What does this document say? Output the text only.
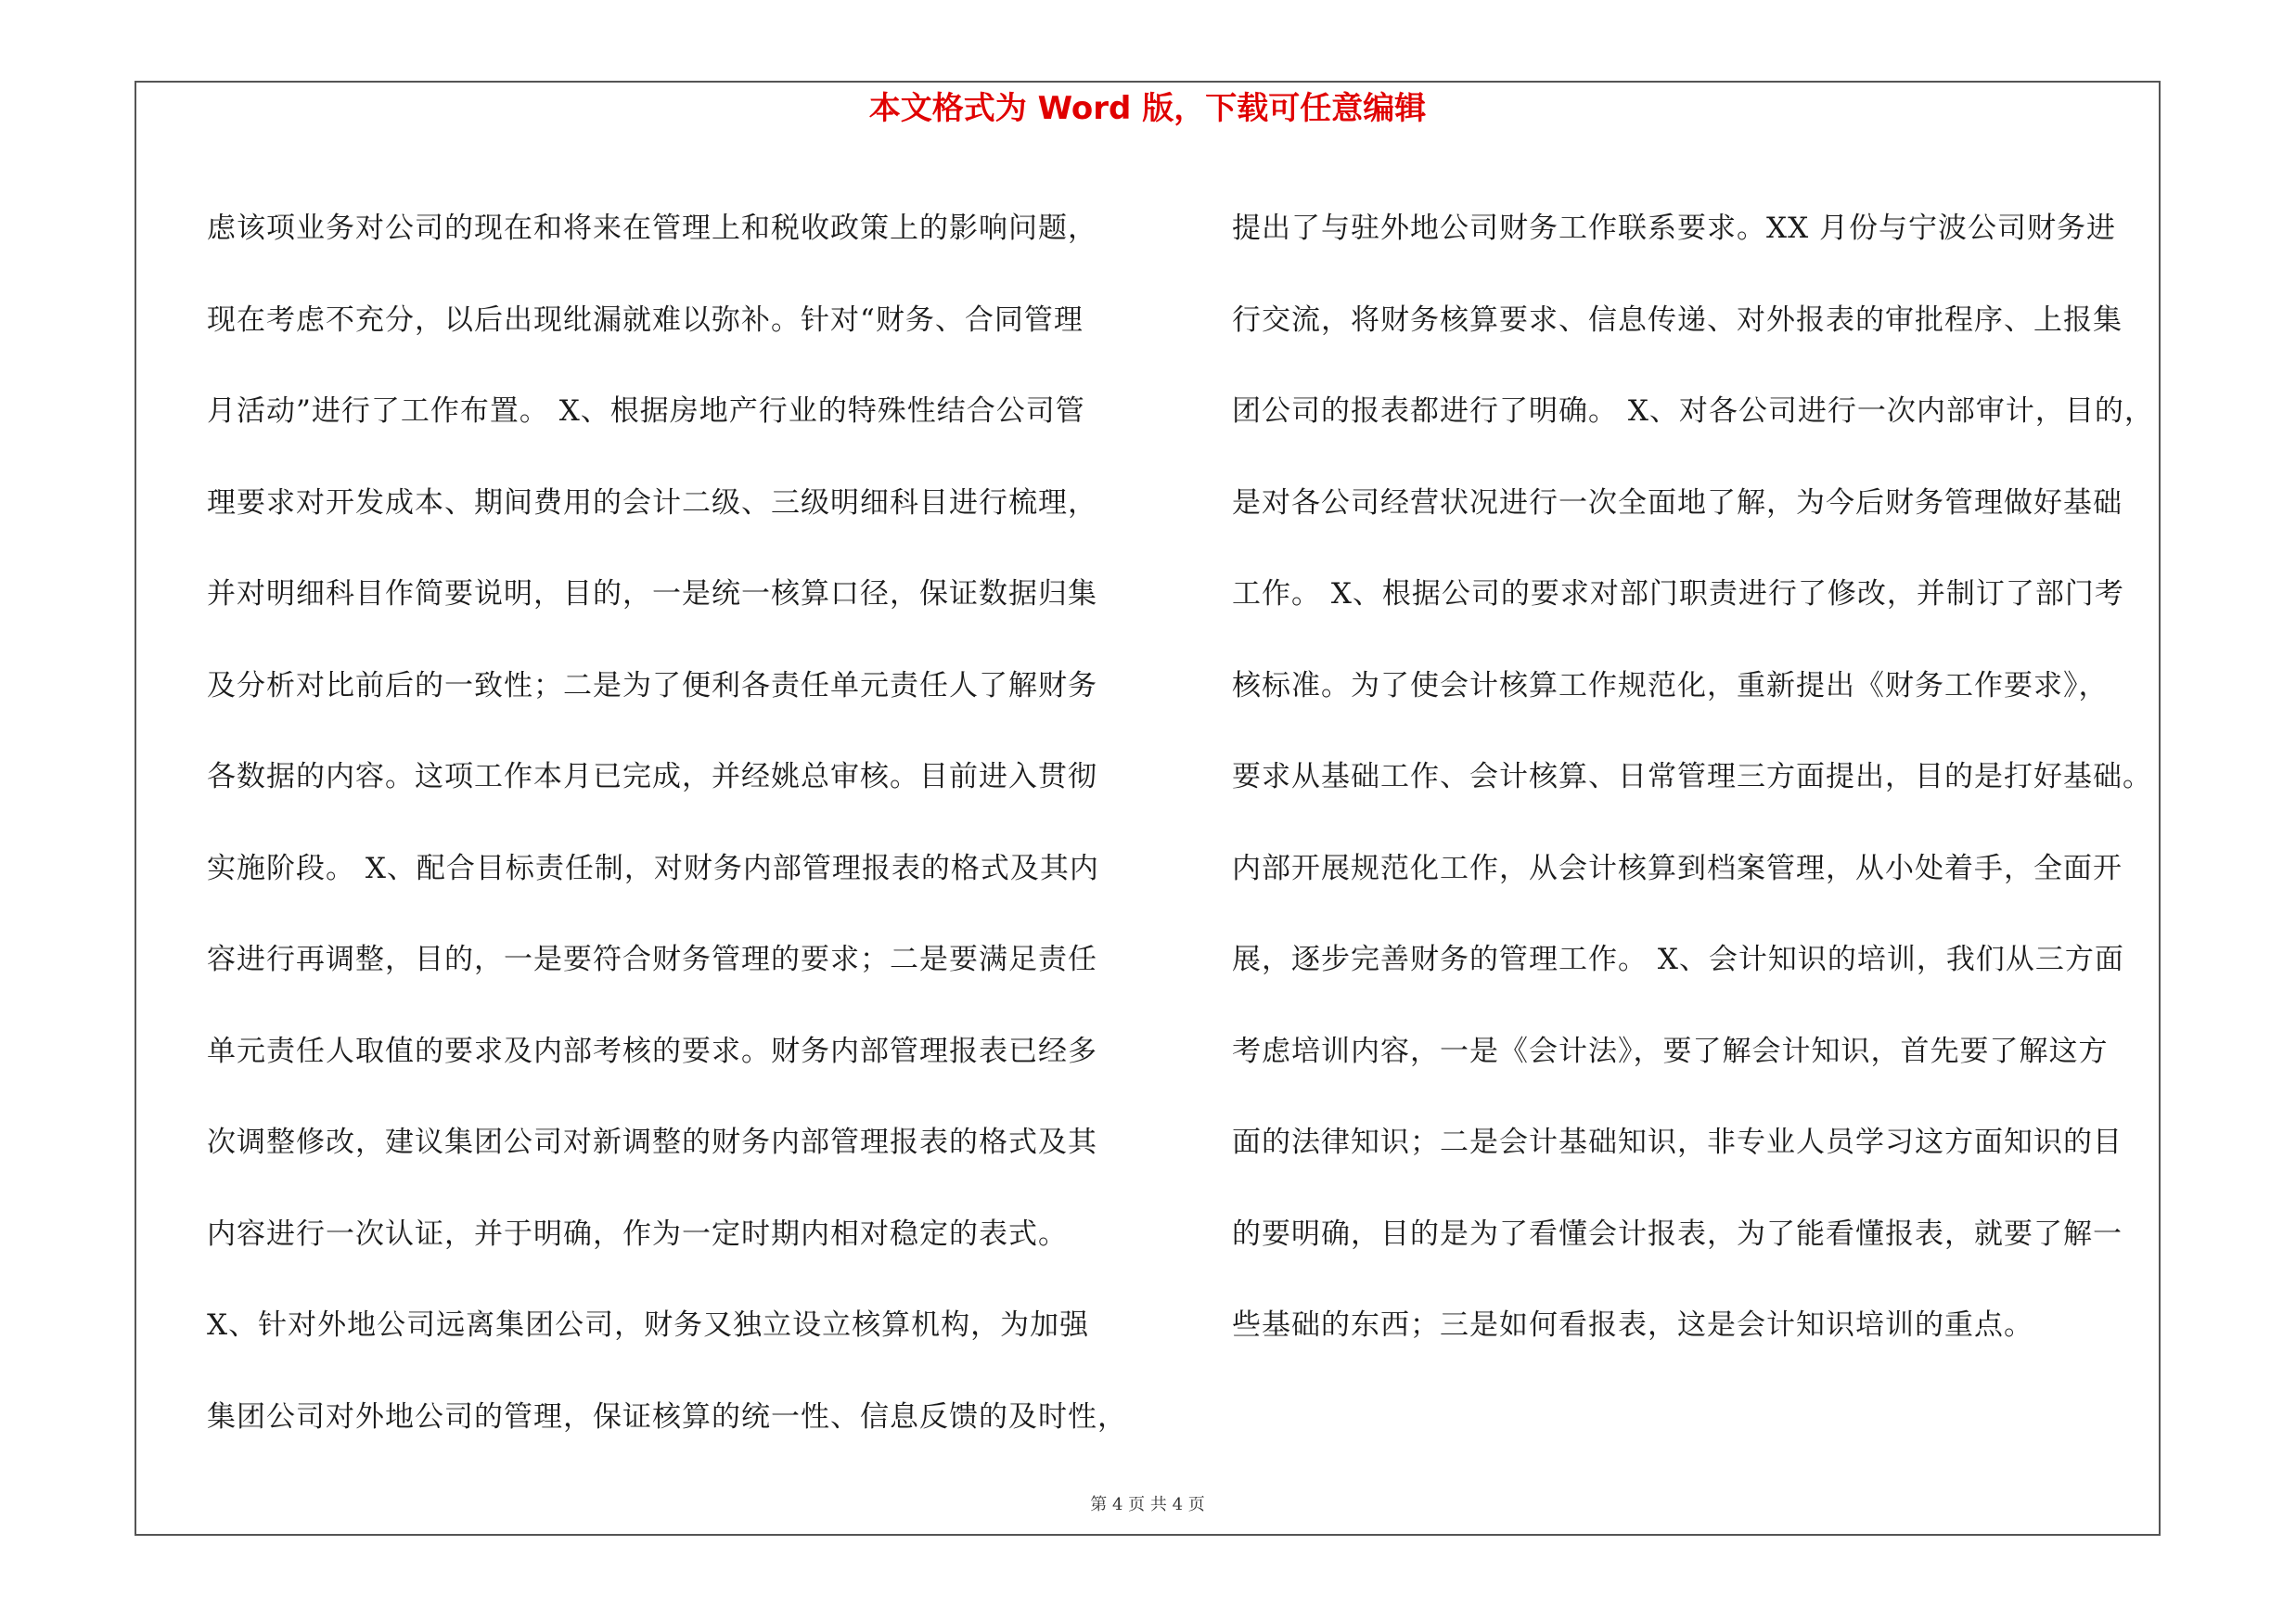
本文格式为 Word 版，下载可任意编辑
虑该项业务对公司的现在和将来在管理上和税收政策上的影响问题，
现在考虑不充分，以后出现纰漏就难以弥补。针对“财务、合同管理
月活动”进行了工作布置。 X、根据房地产行业的特殊性结合公司管
理要求对开发成本、期间费用的会计二级、三级明细科目进行梳理，
并对明细科目作简要说明，目的，一是统一核算口径，保证数据归集
及分析对比前后的一致性；二是为了便利各责任单元责任人了解财务
各数据的内容。这项工作本月已完成，并经姚总审核。目前进入贯彻
实施阶段。 X、配合目标责任制，对财务内部管理报表的格式及其内
容进行再调整，目的，一是要符合财务管理的要求；二是要满足责任
单元责任人取值的要求及内部考核的要求。财务内部管理报表已经多
次调整修改，建议集团公司对新调整的财务内部管理报表的格式及其
内容进行一次认证，并于明确，作为一定时期内相对稳定的表式。
X、针对外地公司远离集团公司，财务又独立设立核算机构，为加强
集团公司对外地公司的管理，保证核算的统一性、信息反馈的及时性，
提出了与驻外地公司财务工作联系要求。XX 月份与宁波公司财务进
行交流，将财务核算要求、信息传递、对外报表的审批程序、上报集
团公司的报表都进行了明确。 X、对各公司进行一次内部审计，目的，
是对各公司经营状况进行一次全面地了解，为今后财务管理做好基础
工作。 X、根据公司的要求对部门职责进行了修改，并制订了部门考
核标准。为了使会计核算工作规范化，重新提出《财务工作要求》，
要求从基础工作、会计核算、日常管理三方面提出，目的是打好基础。
内部开展规范化工作，从会计核算到档案管理，从小处着手，全面开
展，逐步完善财务的管理工作。 X、会计知识的培训，我们从三方面
考虑培训内容，一是《会计法》，要了解会计知识，首先要了解这方
面的法律知识；二是会计基础知识，非专业人员学习这方面知识的目
的要明确，目的是为了看懂会计报表，为了能看懂报表，就要了解一
些基础的东西；三是如何看报表，这是会计知识培训的重点。
第 4 页 共 4 页
